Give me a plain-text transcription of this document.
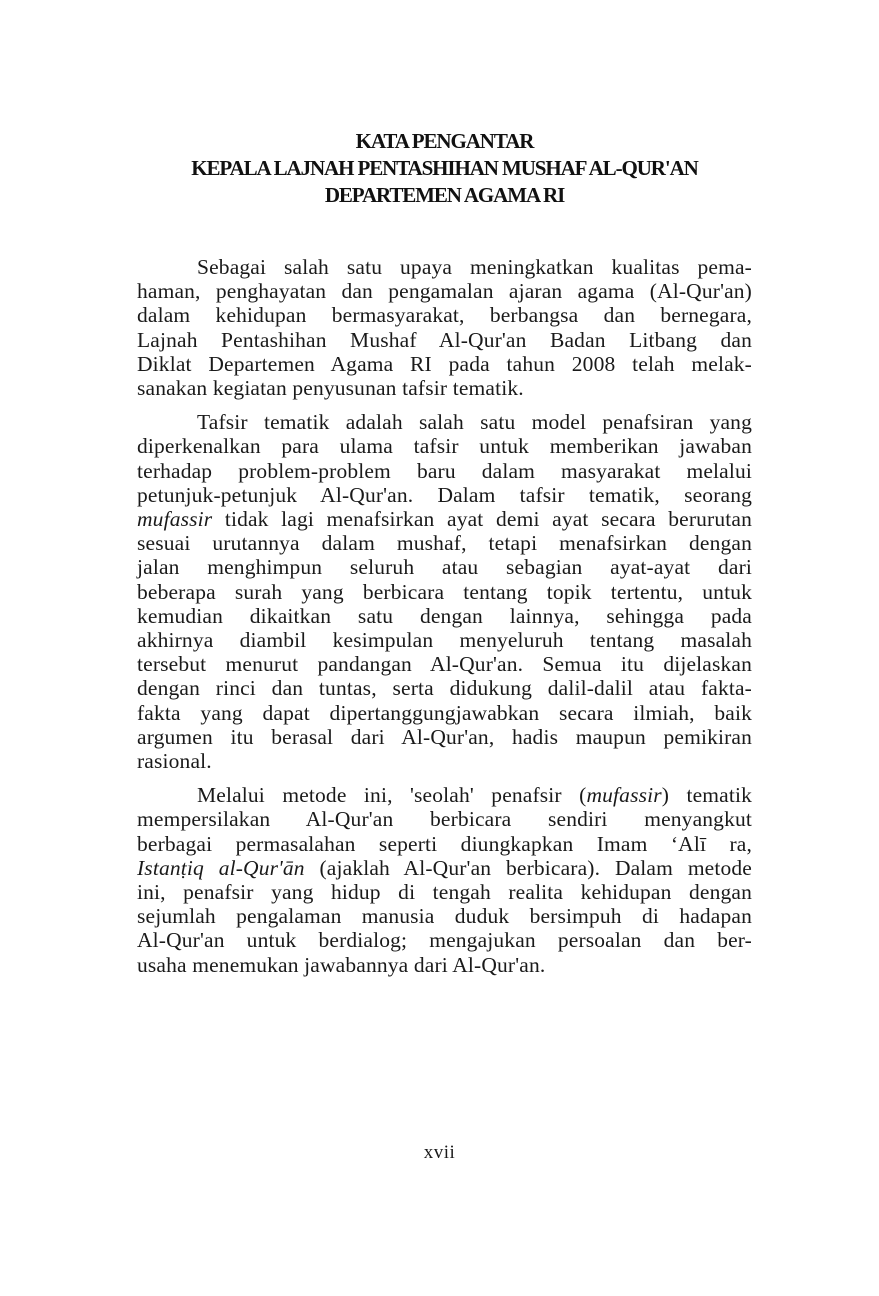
KATA PENGANTAR
KEPALA LAJNAH PENTASHIHAN MUSHAF AL-QUR'AN
DEPARTEMEN AGAMA RI

Sebagai salah satu upaya meningkatkan kualitas pema-
haman, penghayatan dan pengamalan ajaran agama (Al-Qur'an)
dalam kehidupan bermasyarakat, berbangsa dan bernegara,
Lajnah Pentashihan Mushaf Al-Qur'an Badan Litbang dan
Diklat Departemen Agama RI pada tahun 2008 telah melak-
sanakan kegiatan penyusunan tafsir tematik.

Tafsir tematik adalah salah satu model penafsiran yang
diperkenalkan para ulama tafsir untuk memberikan jawaban
terhadap problem-problem baru dalam masyarakat melalui
petunjuk-petunjuk Al-Qur'an. Dalam tafsir tematik, seorang
mufassir tidak lagi menafsirkan ayat demi ayat secara berurutan
sesuai urutannya dalam mushaf, tetapi menafsirkan dengan
jalan menghimpun seluruh atau sebagian ayat-ayat dari
beberapa surah yang berbicara tentang topik tertentu, untuk
kemudian dikaitkan satu dengan lainnya, sehingga pada
akhirnya diambil kesimpulan menyeluruh tentang masalah
tersebut menurut pandangan Al-Qur'an. Semua itu dijelaskan
dengan rinci dan tuntas, serta didukung dalil-dalil atau fakta-
fakta yang dapat dipertanggungjawabkan secara ilmiah, baik
argumen itu berasal dari Al-Qur'an, hadis maupun pemikiran
rasional.

Melalui metode ini, 'seolah' penafsir (mufassir) tematik
mempersilakan Al-Qur'an berbicara sendiri menyangkut
berbagai permasalahan seperti diungkapkan Imam ‘Alī ra,
Istanṭiq al-Qur'ān (ajaklah Al-Qur'an berbicara). Dalam metode
ini, penafsir yang hidup di tengah realita kehidupan dengan
sejumlah pengalaman manusia duduk bersimpuh di hadapan
Al-Qur'an untuk berdialog; mengajukan persoalan dan ber-
usaha menemukan jawabannya dari Al-Qur'an.

xvii
